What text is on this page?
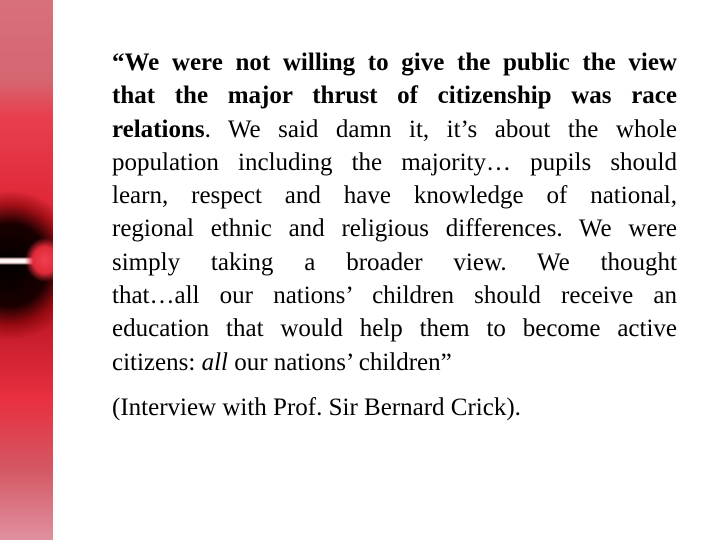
“We were not willing to give the public the view
that the major thrust of citizenship was race
relations. We said damn it, it’s about the whole
population including the majority… pupils should
learn, respect and have knowledge of national,
regional ethnic and religious differences. We were
simply taking a broader view. We thought
that…all our nations’ children should receive an
education that would help them to become active
citizens: all our nations’ children”
(Interview with Prof. Sir Bernard Crick).
